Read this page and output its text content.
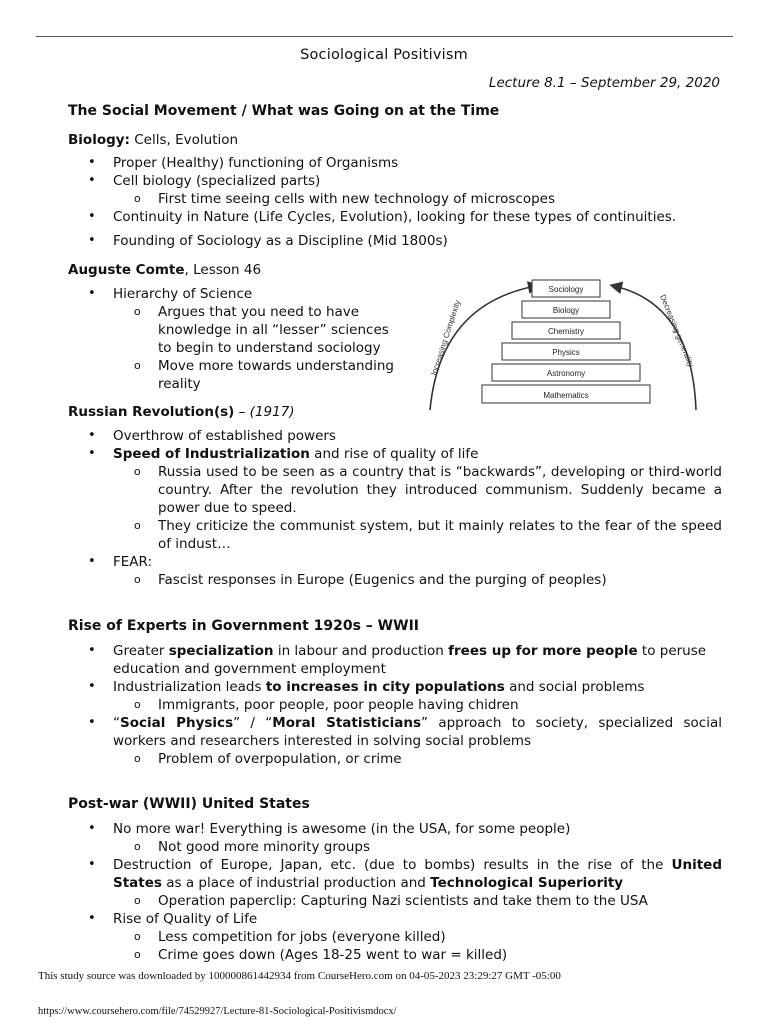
Sociological Positivism
Lecture 8.1 – September 29, 2020
The Social Movement / What was Going on at the Time
Biology: Cells, Evolution
• Proper (Healthy) functioning of Organisms
• Cell biology (specialized parts)
o First time seeing cells with new technology of microscopes
• Continuity in Nature (Life Cycles, Evolution), looking for these types of continuities.
• Founding of Sociology as a Discipline (Mid 1800s)
Auguste Comte, Lesson 46
• Hierarchy of Science
o Argues that you need to have knowledge in all “lesser” sciences to begin to understand sociology
o Move more towards understanding reality
Increasing Complexity	Decreasing generality
Sociology
Biology
Chemistry
Physics
Astronomy
Mathematics
Russian Revolution(s) – (1917)
• Overthrow of established powers
• Speed of Industrialization and rise of quality of life
o Russia used to be seen as a country that is “backwards”, developing or third-world country. After the revolution they introduced communism. Suddenly became a power due to speed.
o They criticize the communist system, but it mainly relates to the fear of the speed of indust…
• FEAR:
o Fascist responses in Europe (Eugenics and the purging of peoples)
Rise of Experts in Government 1920s – WWII
• Greater specialization in labour and production frees up for more people to peruse education and government employment
• Industrialization leads to increases in city populations and social problems
o Immigrants, poor people, poor people having chidren
• “Social Physics” / “Moral Statisticians” approach to society, specialized social workers and researchers interested in solving social problems
o Problem of overpopulation, or crime
Post-war (WWII) United States
• No more war! Everything is awesome (in the USA, for some people)
o Not good more minority groups
• Destruction of Europe, Japan, etc. (due to bombs) results in the rise of the United States as a place of industrial production and Technological Superiority
o Operation paperclip: Capturing Nazi scientists and take them to the USA
• Rise of Quality of Life
o Less competition for jobs (everyone killed)
o Crime goes down (Ages 18-25 went to war = killed)
This study source was downloaded by 100000861442934 from CourseHero.com on 04-05-2023 23:29:27 GMT -05:00
https://www.coursehero.com/file/74529927/Lecture-81-Sociological-Positivismdocx/
